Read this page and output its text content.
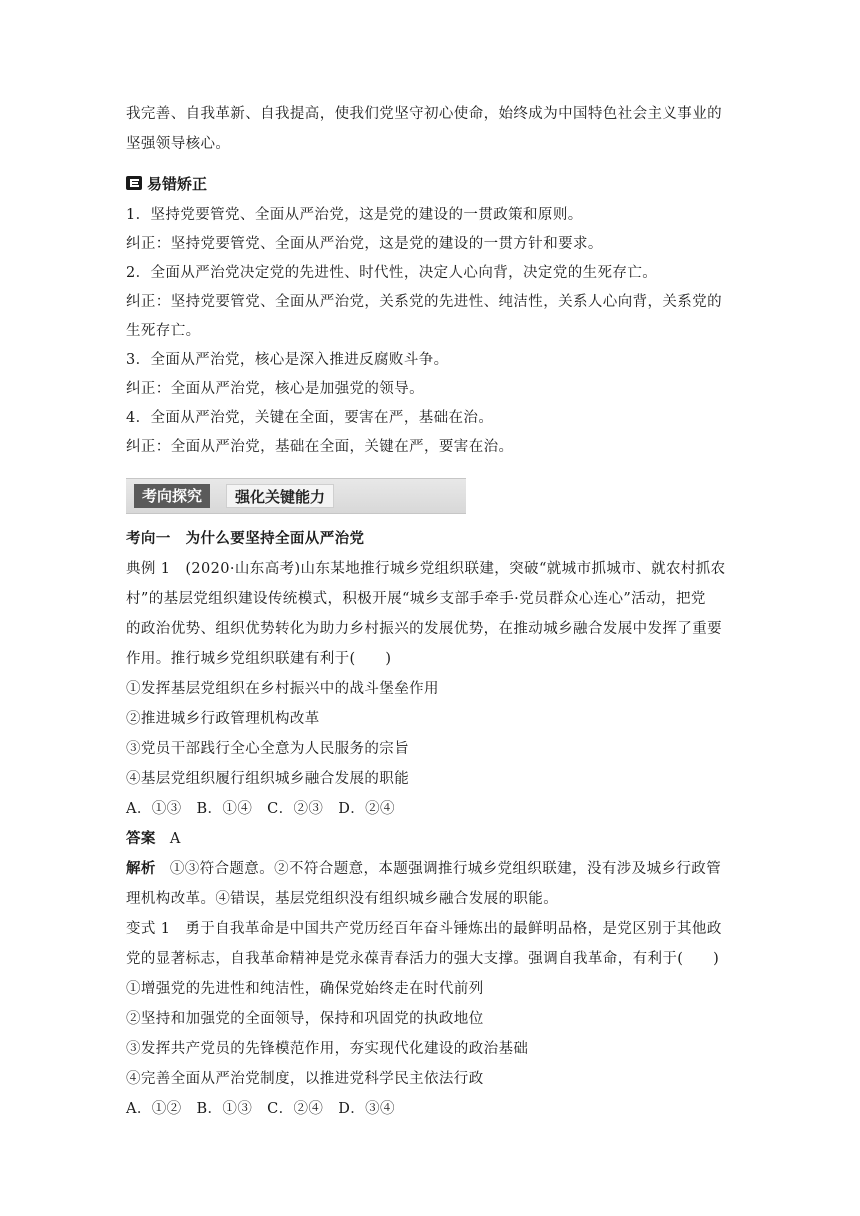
我完善、自我革新、自我提高，使我们党坚守初心使命，始终成为中国特色社会主义事业的
坚强领导核心。
易错矫正
1．坚持党要管党、全面从严治党，这是党的建设的一贯政策和原则。
纠正：坚持党要管党、全面从严治党，这是党的建设的一贯方针和要求。
2．全面从严治党决定党的先进性、时代性，决定人心向背，决定党的生死存亡。
纠正：坚持党要管党、全面从严治党，关系党的先进性、纯洁性，关系人心向背，关系党的
生死存亡。
3．全面从严治党，核心是深入推进反腐败斗争。
纠正：全面从严治党，核心是加强党的领导。
4．全面从严治党，关键在全面，要害在严，基础在治。
纠正：全面从严治党，基础在全面，关键在严，要害在治。
考向探究	强化关键能力
考向一　为什么要坚持全面从严治党
典例 1　(2020·山东高考)山东某地推行城乡党组织联建，突破“就城市抓城市、就农村抓农
村”的基层党组织建设传统模式，积极开展“城乡支部手牵手·党员群众心连心”活动，把党
的政治优势、组织优势转化为助力乡村振兴的发展优势，在推动城乡融合发展中发挥了重要
作用。推行城乡党组织联建有利于(　　)
①发挥基层党组织在乡村振兴中的战斗堡垒作用
②推进城乡行政管理机构改革
③党员干部践行全心全意为人民服务的宗旨
④基层党组织履行组织城乡融合发展的职能
A．①③　B．①④　C．②③　D．②④
答案 A
解析 ①③符合题意。②不符合题意，本题强调推行城乡党组织联建，没有涉及城乡行政管
理机构改革。④错误，基层党组织没有组织城乡融合发展的职能。
变式 1　勇于自我革命是中国共产党历经百年奋斗锤炼出的最鲜明品格，是党区别于其他政
党的显著标志，自我革命精神是党永葆青春活力的强大支撑。强调自我革命，有利于(　　)
①增强党的先进性和纯洁性，确保党始终走在时代前列
②坚持和加强党的全面领导，保持和巩固党的执政地位
③发挥共产党员的先锋模范作用，夯实现代化建设的政治基础
④完善全面从严治党制度，以推进党科学民主依法行政
A．①②　B．①③　C．②④　D．③④
